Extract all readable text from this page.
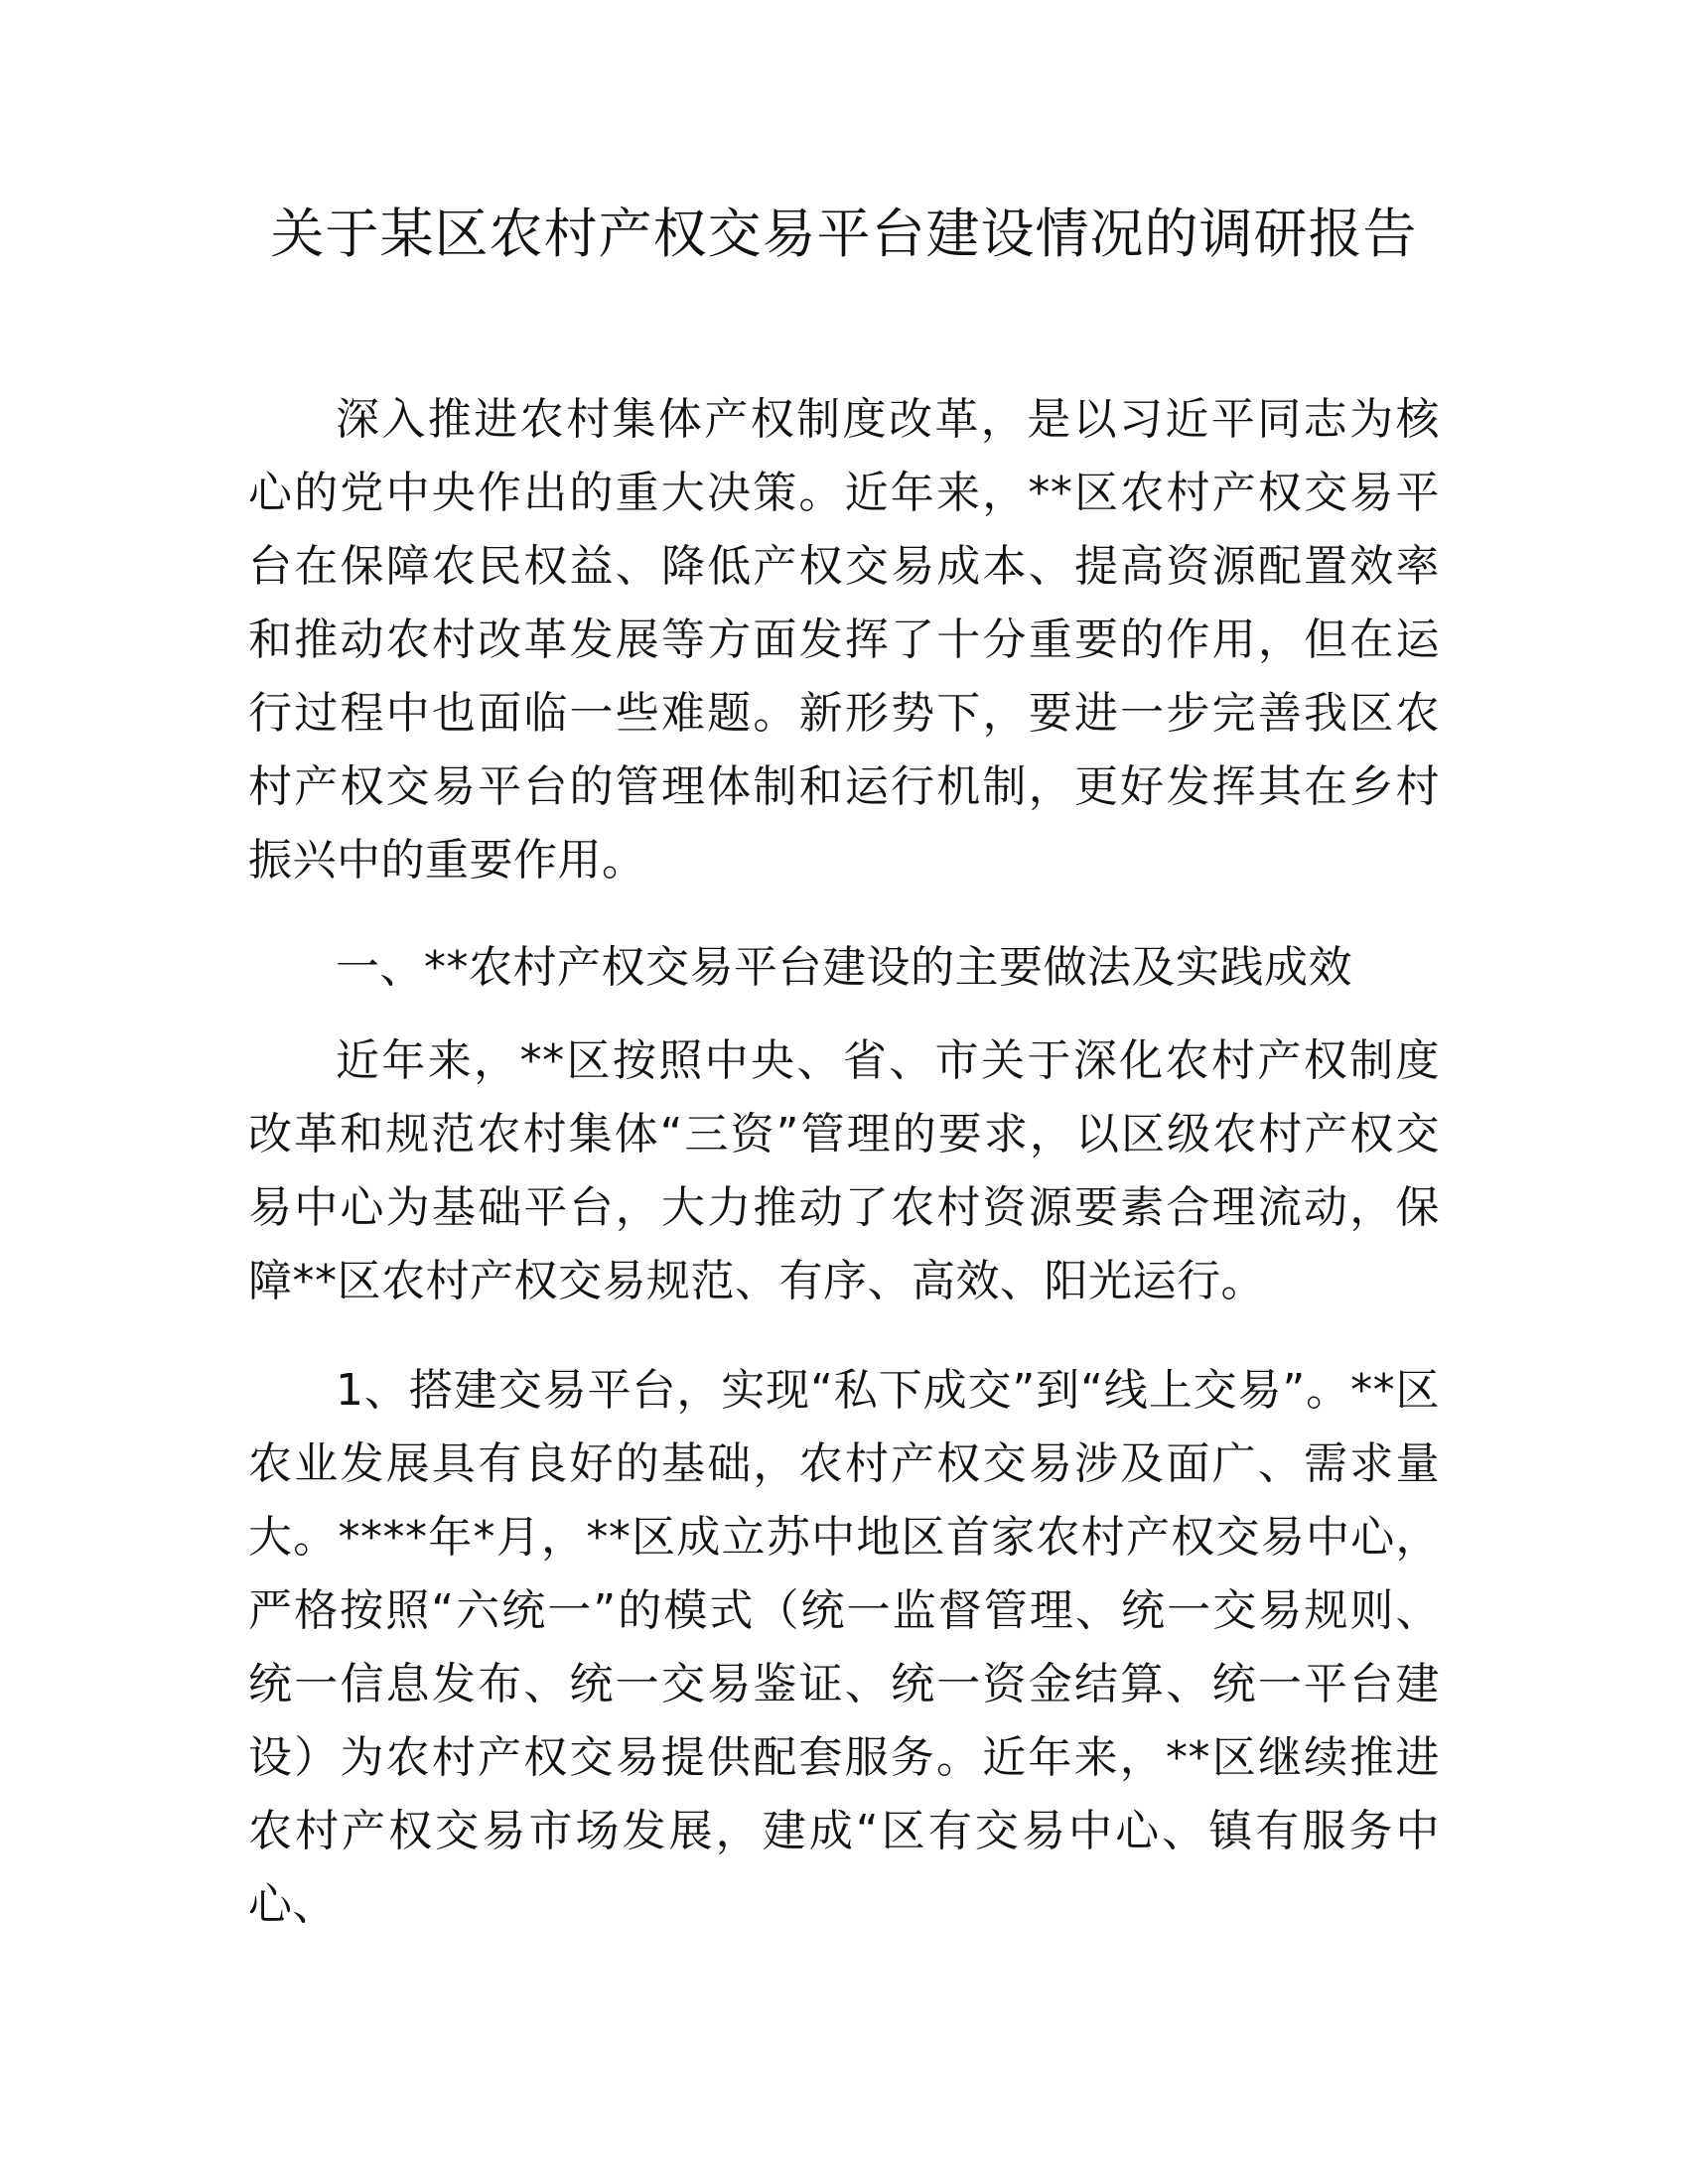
关于某区农村产权交易平台建设情况的调研报告

深入推进农村集体产权制度改革，是以习近平同志为核心的党中央作出的重大决策。近年来，**区农村产权交易平台在保障农民权益、降低产权交易成本、提高资源配置效率和推动农村改革发展等方面发挥了十分重要的作用，但在运行过程中也面临一些难题。新形势下，要进一步完善我区农村产权交易平台的管理体制和运行机制，更好发挥其在乡村振兴中的重要作用。

一、**农村产权交易平台建设的主要做法及实践成效

近年来，**区按照中央、省、市关于深化农村产权制度改革和规范农村集体“三资”管理的要求，以区级农村产权交易中心为基础平台，大力推动了农村资源要素合理流动，保障**区农村产权交易规范、有序、高效、阳光运行。

1、搭建交易平台，实现“私下成交”到“线上交易”。**区农业发展具有良好的基础，农村产权交易涉及面广、需求量大。****年*月，**区成立苏中地区首家农村产权交易中心，严格按照“六统一”的模式（统一监督管理、统一交易规则、统一信息发布、统一交易鉴证、统一资金结算、统一平台建设）为农村产权交易提供配套服务。近年来，**区继续推进农村产权交易市场发展，建成“区有交易中心、镇有服务中心、
